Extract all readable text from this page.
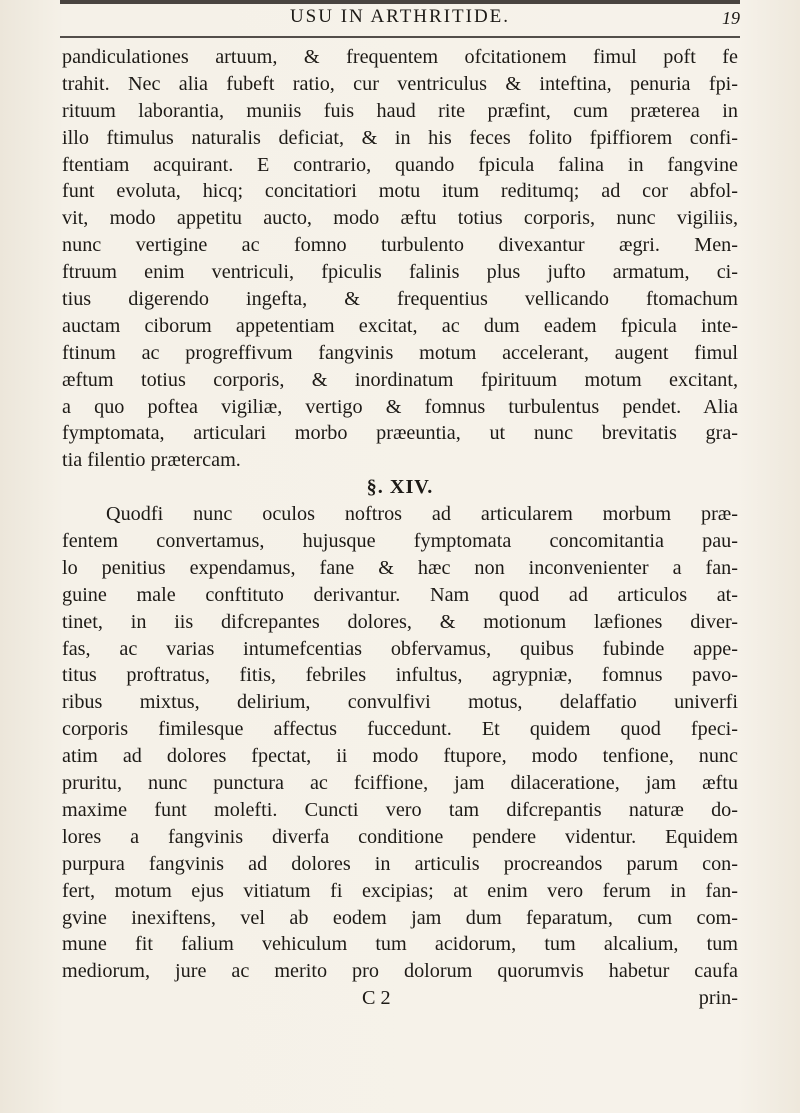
USU IN ARTHRITIDE.	19
pandiculationes artuum, & frequentem ofcitationem fimul poft fe
trahit. Nec alia fubeft ratio, cur ventriculus & inteftina, penuria fpi-
rituum laborantia, muniis fuis haud rite præfint, cum præterea in
illo ftimulus naturalis deficiat, & in his feces folito fpiffiorem confi-
ftentiam acquirant. E contrario, quando fpicula falina in fangvine
funt evoluta, hicq; concitatiori motu itum reditumq; ad cor abfol-
vit, modo appetitu aucto, modo æftu totius corporis, nunc vigiliis,
nunc vertigine ac fomno turbulento divexantur ægri. Men-
ftruum enim ventriculi, fpiculis falinis plus jufto armatum, ci-
tius digerendo ingefta, & frequentius vellicando ftomachum
auctam ciborum appetentiam excitat, ac dum eadem fpicula inte-
ftinum ac progreffivum fangvinis motum accelerant, augent fimul
æftum totius corporis, & inordinatum fpirituum motum excitant,
a quo poftea vigiliæ, vertigo & fomnus turbulentus pendet. Alia
fymptomata, articulari morbo præeuntia, ut nunc brevitatis gra-
tia filentio prætercam.
§. XIV.
Quodfi nunc oculos noftros ad articularem morbum præ-
fentem convertamus, hujusque fymptomata concomitantia pau-
lo penitius expendamus, fane & hæc non inconvenienter a fan-
guine male conftituto derivantur. Nam quod ad articulos at-
tinet, in iis difcrepantes dolores, & motionum læfiones diver-
fas, ac varias intumefcentias obfervamus, quibus fubinde appe-
titus proftratus, fitis, febriles infultus, agrypniæ, fomnus pavo-
ribus mixtus, delirium, convulfivi motus, delaffatio univerfi
corporis fimilesque affectus fuccedunt. Et quidem quod fpeci-
atim ad dolores fpectat, ii modo ftupore, modo tenfione, nunc
pruritu, nunc punctura ac fciffione, jam dilaceratione, jam æftu
maxime funt molefti. Cuncti vero tam difcrepantis naturæ do-
lores a fangvinis diverfa conditione pendere videntur. Equidem
purpura fangvinis ad dolores in articulis procreandos parum con-
fert, motum ejus vitiatum fi excipias; at enim vero ferum in fan-
gvine inexiftens, vel ab eodem jam dum feparatum, cum com-
mune fit falium vehiculum tum acidorum, tum alcalium, tum
mediorum, jure ac merito pro dolorum quorumvis habetur caufa
C 2	prin-
